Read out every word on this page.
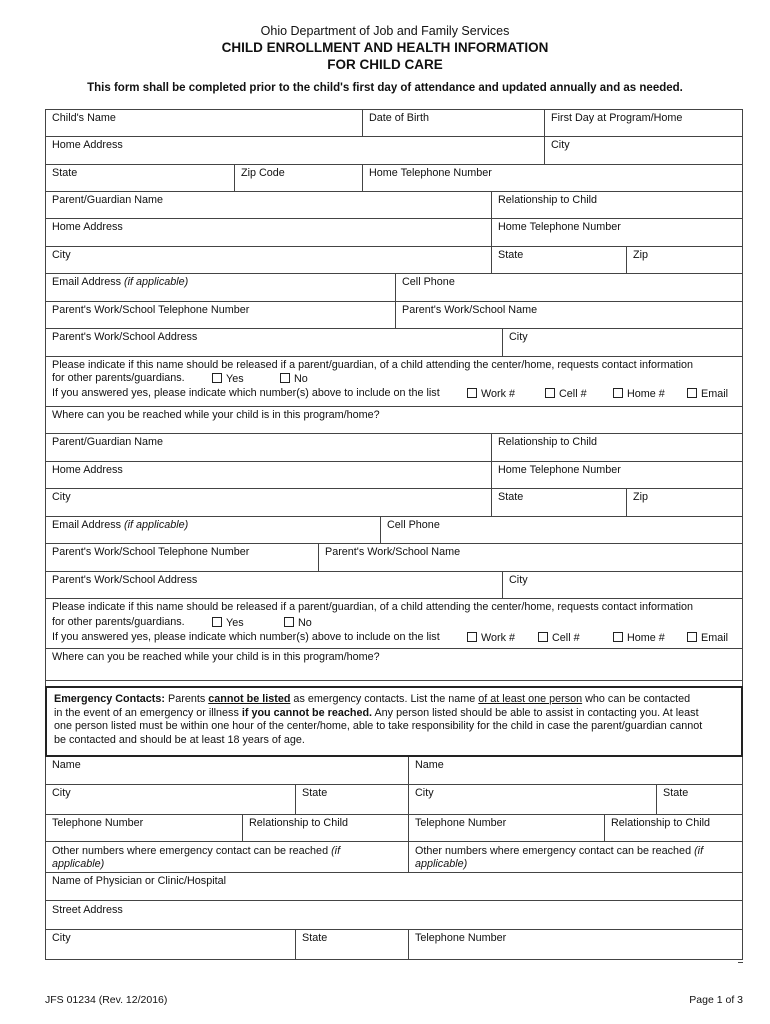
Ohio Department of Job and Family Services
CHILD ENROLLMENT AND HEALTH INFORMATION
FOR CHILD CARE
This form shall be completed prior to the child's first day of attendance and updated annually and as needed.
Child's Name	Date of Birth	First Day at Program/Home
Home Address	City
State	Zip Code	Home Telephone Number
Parent/Guardian Name	Relationship to Child
Home Address	Home Telephone Number
City	State	Zip
Email Address (if applicable)	Cell Phone
Parent's Work/School Telephone Number	Parent's Work/School Name
Parent's Work/School Address	City
Please indicate if this name should be released if a parent/guardian, of a child attending the center/home, requests contact information
for other parents/guardians.	Yes	No
If you answered yes, please indicate which number(s) above to include on the list	Work #	Cell #	Home #	Email
Where can you be reached while your child is in this program/home?
Parent/Guardian Name	Relationship to Child
Home Address	Home Telephone Number
City	State	Zip
Email Address (if applicable)	Cell Phone
Parent's Work/School Telephone Number	Parent's Work/School Name
Parent's Work/School Address	City
Please indicate if this name should be released if a parent/guardian, of a child attending the center/home, requests contact information
for other parents/guardians.	Yes	No
If you answered yes, please indicate which number(s) above to include on the list	Work #	Cell #	Home #	Email
Where can you be reached while your child is in this program/home?
Emergency Contacts: Parents cannot be listed as emergency contacts. List the name of at least one person who can be contacted
in the event of an emergency or illness if you cannot be reached. Any person listed should be able to assist in contacting you. At least
one person listed must be within one hour of the center/home, able to take responsibility for the child in case the parent/guardian cannot
be contacted and should be at least 18 years of age.
Name	Name
City	State	City	State
Telephone Number	Relationship to Child	Telephone Number	Relationship to Child
Other numbers where emergency contact can be reached (if
applicable)
Other numbers where emergency contact can be reached (if
applicable)
Name of Physician or Clinic/Hospital
Street Address
City	State	Telephone Number
JFS 01234 (Rev. 12/2016)	Page 1 of 3
